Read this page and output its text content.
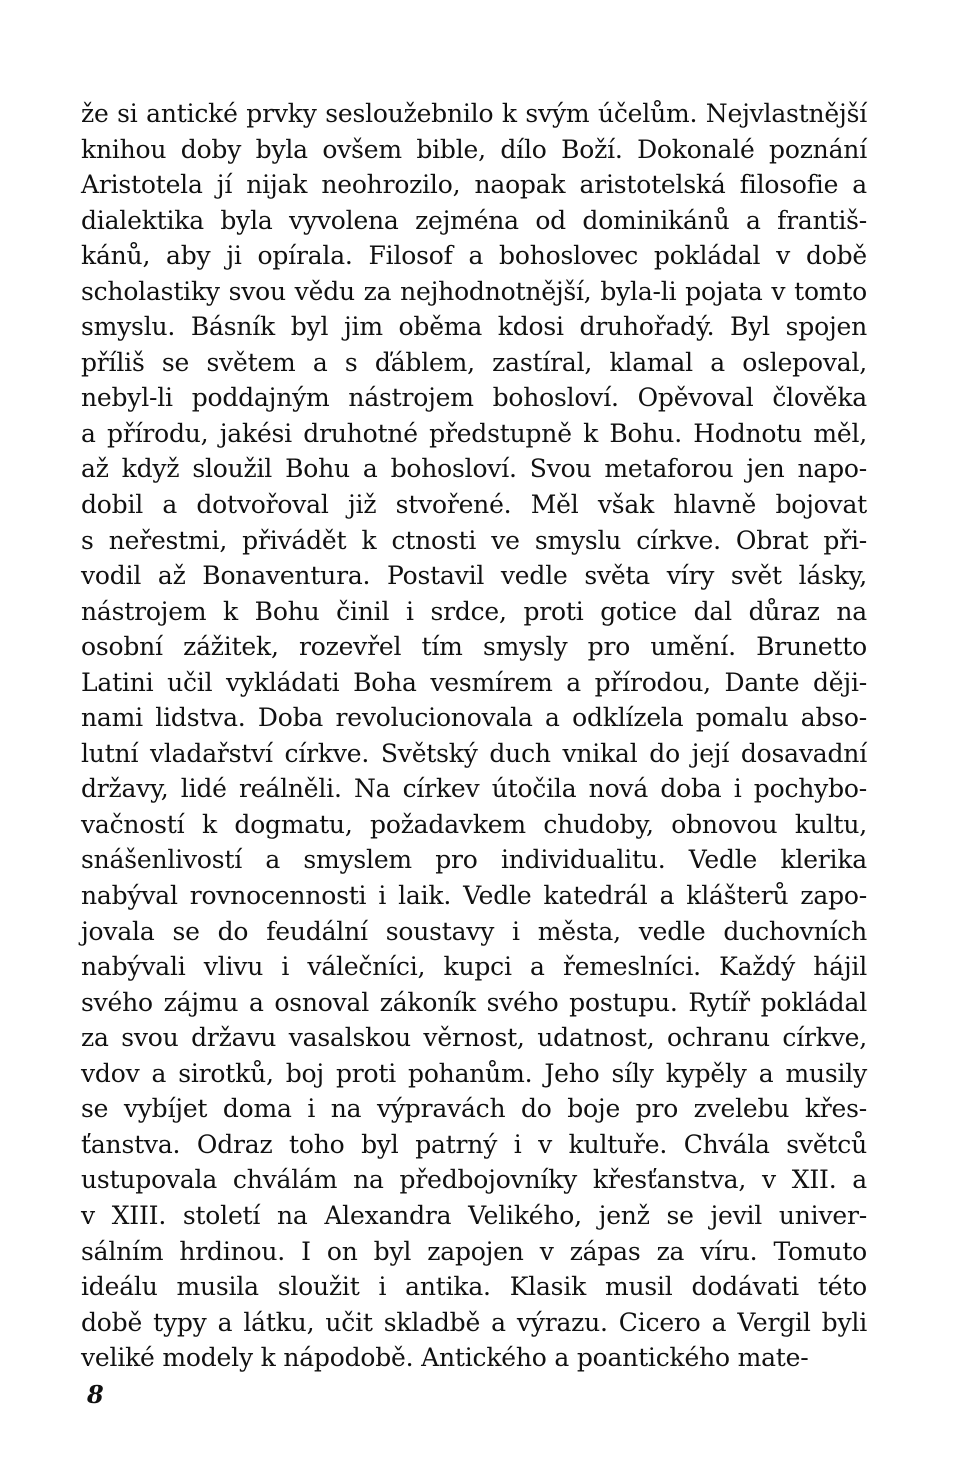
že si antické prvky sesloužebnilo k svým účelům. Nejvlastnější
knihou doby byla ovšem bible, dílo Boží. Dokonalé poznání
Aristotela jí nijak neohrozilo, naopak aristotelská filosofie a
dialektika byla vyvolena zejména od dominikánů a františ-
kánů, aby ji opírala. Filosof a bohoslovec pokládal v době
scholastiky svou vědu za nejhodnotnější, byla-li pojata v tomto
smyslu. Básník byl jim oběma kdosi druhořadý. Byl spojen
příliš se světem a s ďáblem, zastíral, klamal a oslepoval,
nebyl-li poddajným nástrojem bohosloví. Opěvoval člověka
a přírodu, jakési druhotné předstupně k Bohu. Hodnotu měl,
až když sloužil Bohu a bohosloví. Svou metaforou jen napo-
dobil a dotvořoval již stvořené. Měl však hlavně bojovat
s neřestmi, přivádět k ctnosti ve smyslu církve. Obrat při-
vodil až Bonaventura. Postavil vedle světa víry svět lásky,
nástrojem k Bohu činil i srdce, proti gotice dal důraz na
osobní zážitek, rozevřel tím smysly pro umění. Brunetto
Latini učil vykládati Boha vesmírem a přírodou, Dante ději-
nami lidstva. Doba revolucionovala a odklízela pomalu abso-
lutní vladařství církve. Světský duch vnikal do její dosavadní
državy, lidé reálněli. Na církev útočila nová doba i pochybo-
vačností k dogmatu, požadavkem chudoby, obnovou kultu,
snášenlivostí a smyslem pro individualitu. Vedle klerika
nabýval rovnocennosti i laik. Vedle katedrál a klášterů zapo-
jovala se do feudální soustavy i města, vedle duchovních
nabývali vlivu i válečníci, kupci a řemeslníci. Každý hájil
svého zájmu a osnoval zákoník svého postupu. Rytíř pokládal
za svou državu vasalskou věrnost, udatnost, ochranu církve,
vdov a sirotků, boj proti pohanům. Jeho síly kypěly a musily
se vybíjet doma i na výpravách do boje pro zvelebu křes-
ťanstva. Odraz toho byl patrný i v kultuře. Chvála světců
ustupovala chválám na předbojovníky křesťanstva, v XII. a
v XIII. století na Alexandra Velikého, jenž se jevil univer-
sálním hrdinou. I on byl zapojen v zápas za víru. Tomuto
ideálu musila sloužit i antika. Klasik musil dodávati této
době typy a látku, učit skladbě a výrazu. Cicero a Vergil byli
veliké modely k nápodobě. Antického a poantického mate-
8
